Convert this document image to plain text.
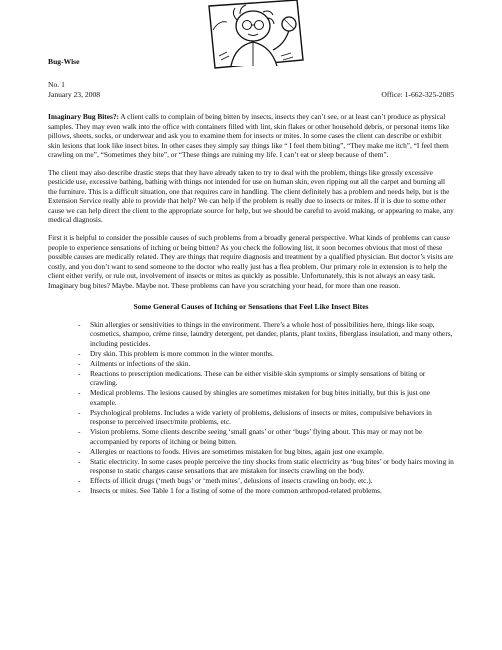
Bug-Wise
No. 1
January 23, 2008	Office: 1-662-325-2085

Imaginary Bug Bites?: A client calls to complain of being bitten by insects, insects they can’t see, or at least can’t produce as physical samples. They may even walk into the office with containers filled with lint, skin flakes or other household debris, or personal items like pillows, sheets, socks, or underwear and ask you to examine them for insects or mites. In some cases the client can describe or exhibit skin lesions that look like insect bites. In other cases they simply say things like “ I feel them biting”, “They make me itch”, “I feel them crawling on me”, “Sometimes they bite”, or “These things are ruining my life. I can’t eat or sleep because of them”.

The client may also describe drastic steps that they have already taken to try to deal with the problem, things like grossly excessive pesticide use, excessive bathing, bathing with things not intended for use on human skin, even ripping out all the carpet and burning all the furniture. This is a difficult situation, one that requires care in handling. The client definitely has a problem and needs help, but is the Extension Service really able to provide that help? We can help if the problem is really due to insects or mites. If it is due to some other cause we can help direct the client to the appropriate source for help, but we should be careful to avoid making, or appearing to make, any medical diagnosis.

First it is helpful to consider the possible causes of such problems from a broadly general perspective. What kinds of problems can cause people to experience sensations of itching or being bitten? As you check the following list, it soon becomes obvious that most of these possible causes are medically related. They are things that require diagnosis and treatment by a qualified physician. But doctor’s visits are costly, and you don’t want to send someone to the doctor who really just has a flea problem. Our primary role in extension is to help the client either verify, or rule out, involvement of insects or mites as quickly as possible. Unfortunately, this is not always an easy task. Imaginary bug bites? Maybe. Maybe not. These problems can have you scratching your head, for more than one reason.

Some General Causes of Itching or Sensations that Feel Like Insect Bites
- Skin allergies or sensitivities to things in the environment. There’s a whole host of possibilities here, things like soap, cosmetics, shampoo, crème rinse, laundry detergent, pet dander, plants, plant toxins, fiberglass insulation, and many others, including pesticides.
- Dry skin. This problem is more common in the winter months.
- Ailments or infections of the skin.
- Reactions to prescription medications. These can be either visible skin symptoms or simply sensations of biting or crawling.
- Medical problems. The lesions caused by shingles are sometimes mistaken for bug bites initially, but this is just one example.
- Psychological problems. Includes a wide variety of problems, delusions of insects or mites, compulsive behaviors in response to perceived insect/mite problems, etc.
- Vision problems. Some clients describe seeing ‘small gnats’ or other ‘bugs’ flying about. This may or may not be accompanied by reports of itching or being bitten.
- Allergies or reactions to foods. Hives are sometimes mistaken for bug bites, again just one example.
- Static electricity. In some cases people perceive the tiny shocks from static electricity as ‘bug bites’ or body hairs moving in response to static charges cause sensations that are mistaken for insects crawling on the body.
- Effects of illicit drugs (‘meth bugs’ or ‘meth mites’, delusions of insects crawling on body, etc.).
- Insects or mites. See Table 1 for a listing of some of the more common arthropod-related problems.
